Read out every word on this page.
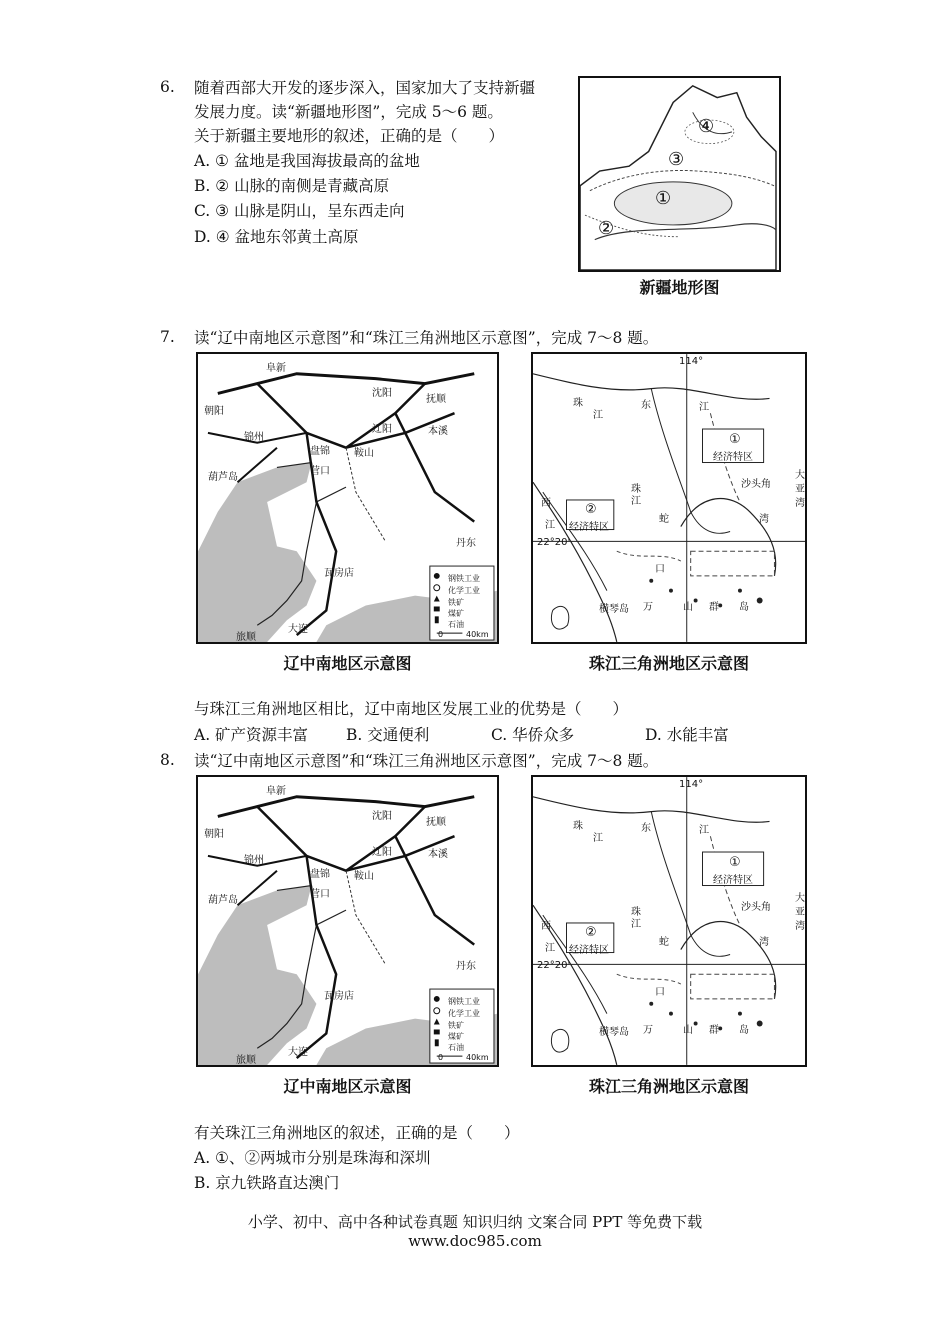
6. 随着西部大开发的逐步深入，国家加大了支持新疆
发展力度。读“新疆地形图”，完成 5～6 题。
关于新疆主要地形的叙述，正确的是（　　）
A. ① 盆地是我国海拔最高的盆地
B. ② 山脉的南侧是青藏高原
C. ③ 山脉是阴山，呈东西走向
D. ④ 盆地东邻黄土高原
④
③
①
②
新疆地形图
7. 读“辽中南地区示意图”和“珠江三角洲地区示意图”，完成 7～8 题。
阜新
沈阳
抚顺
朝阳
锦州
辽阳	本溪
盘锦 鞍山
营口
葫芦岛
丹东
瓦房店
大连
旅顺
钢铁工业
化学工业
铁矿
煤矿
石油
0	40km
辽中南地区示意图
114°
22°20'
珠
江
东	江
珠
江
西
江
蛇
口
沙头角
大
亚
湾
湾
横琴岛 万	山 群 岛
①
经济特区
②
经济特区
珠江三角洲地区示意图
与珠江三角洲地区相比，辽中南地区发展工业的优势是（　　）
A. 矿产资源丰富 B. 交通便利	C. 华侨众多	D. 水能丰富
8. 读“辽中南地区示意图”和“珠江三角洲地区示意图”，完成 7～8 题。
阜新
沈阳
抚顺
朝阳
锦州
辽阳	本溪
盘锦 鞍山
营口
葫芦岛
丹东
瓦房店
大连
旅顺
钢铁工业
化学工业
铁矿
煤矿
石油
0	40km
辽中南地区示意图
114°
22°20'
珠
江
东	江
珠
江
西
江
蛇
口
沙头角
大
亚
湾
湾
横琴岛 万	山 群 岛
①
经济特区
②
经济特区
珠江三角洲地区示意图
有关珠江三角洲地区的叙述，正确的是（　　）
A. ①、②两城市分别是珠海和深圳
B. 京九铁路直达澳门
小学、初中、高中各种试卷真题 知识归纳 文案合同 PPT 等免费下载
www.doc985.com
